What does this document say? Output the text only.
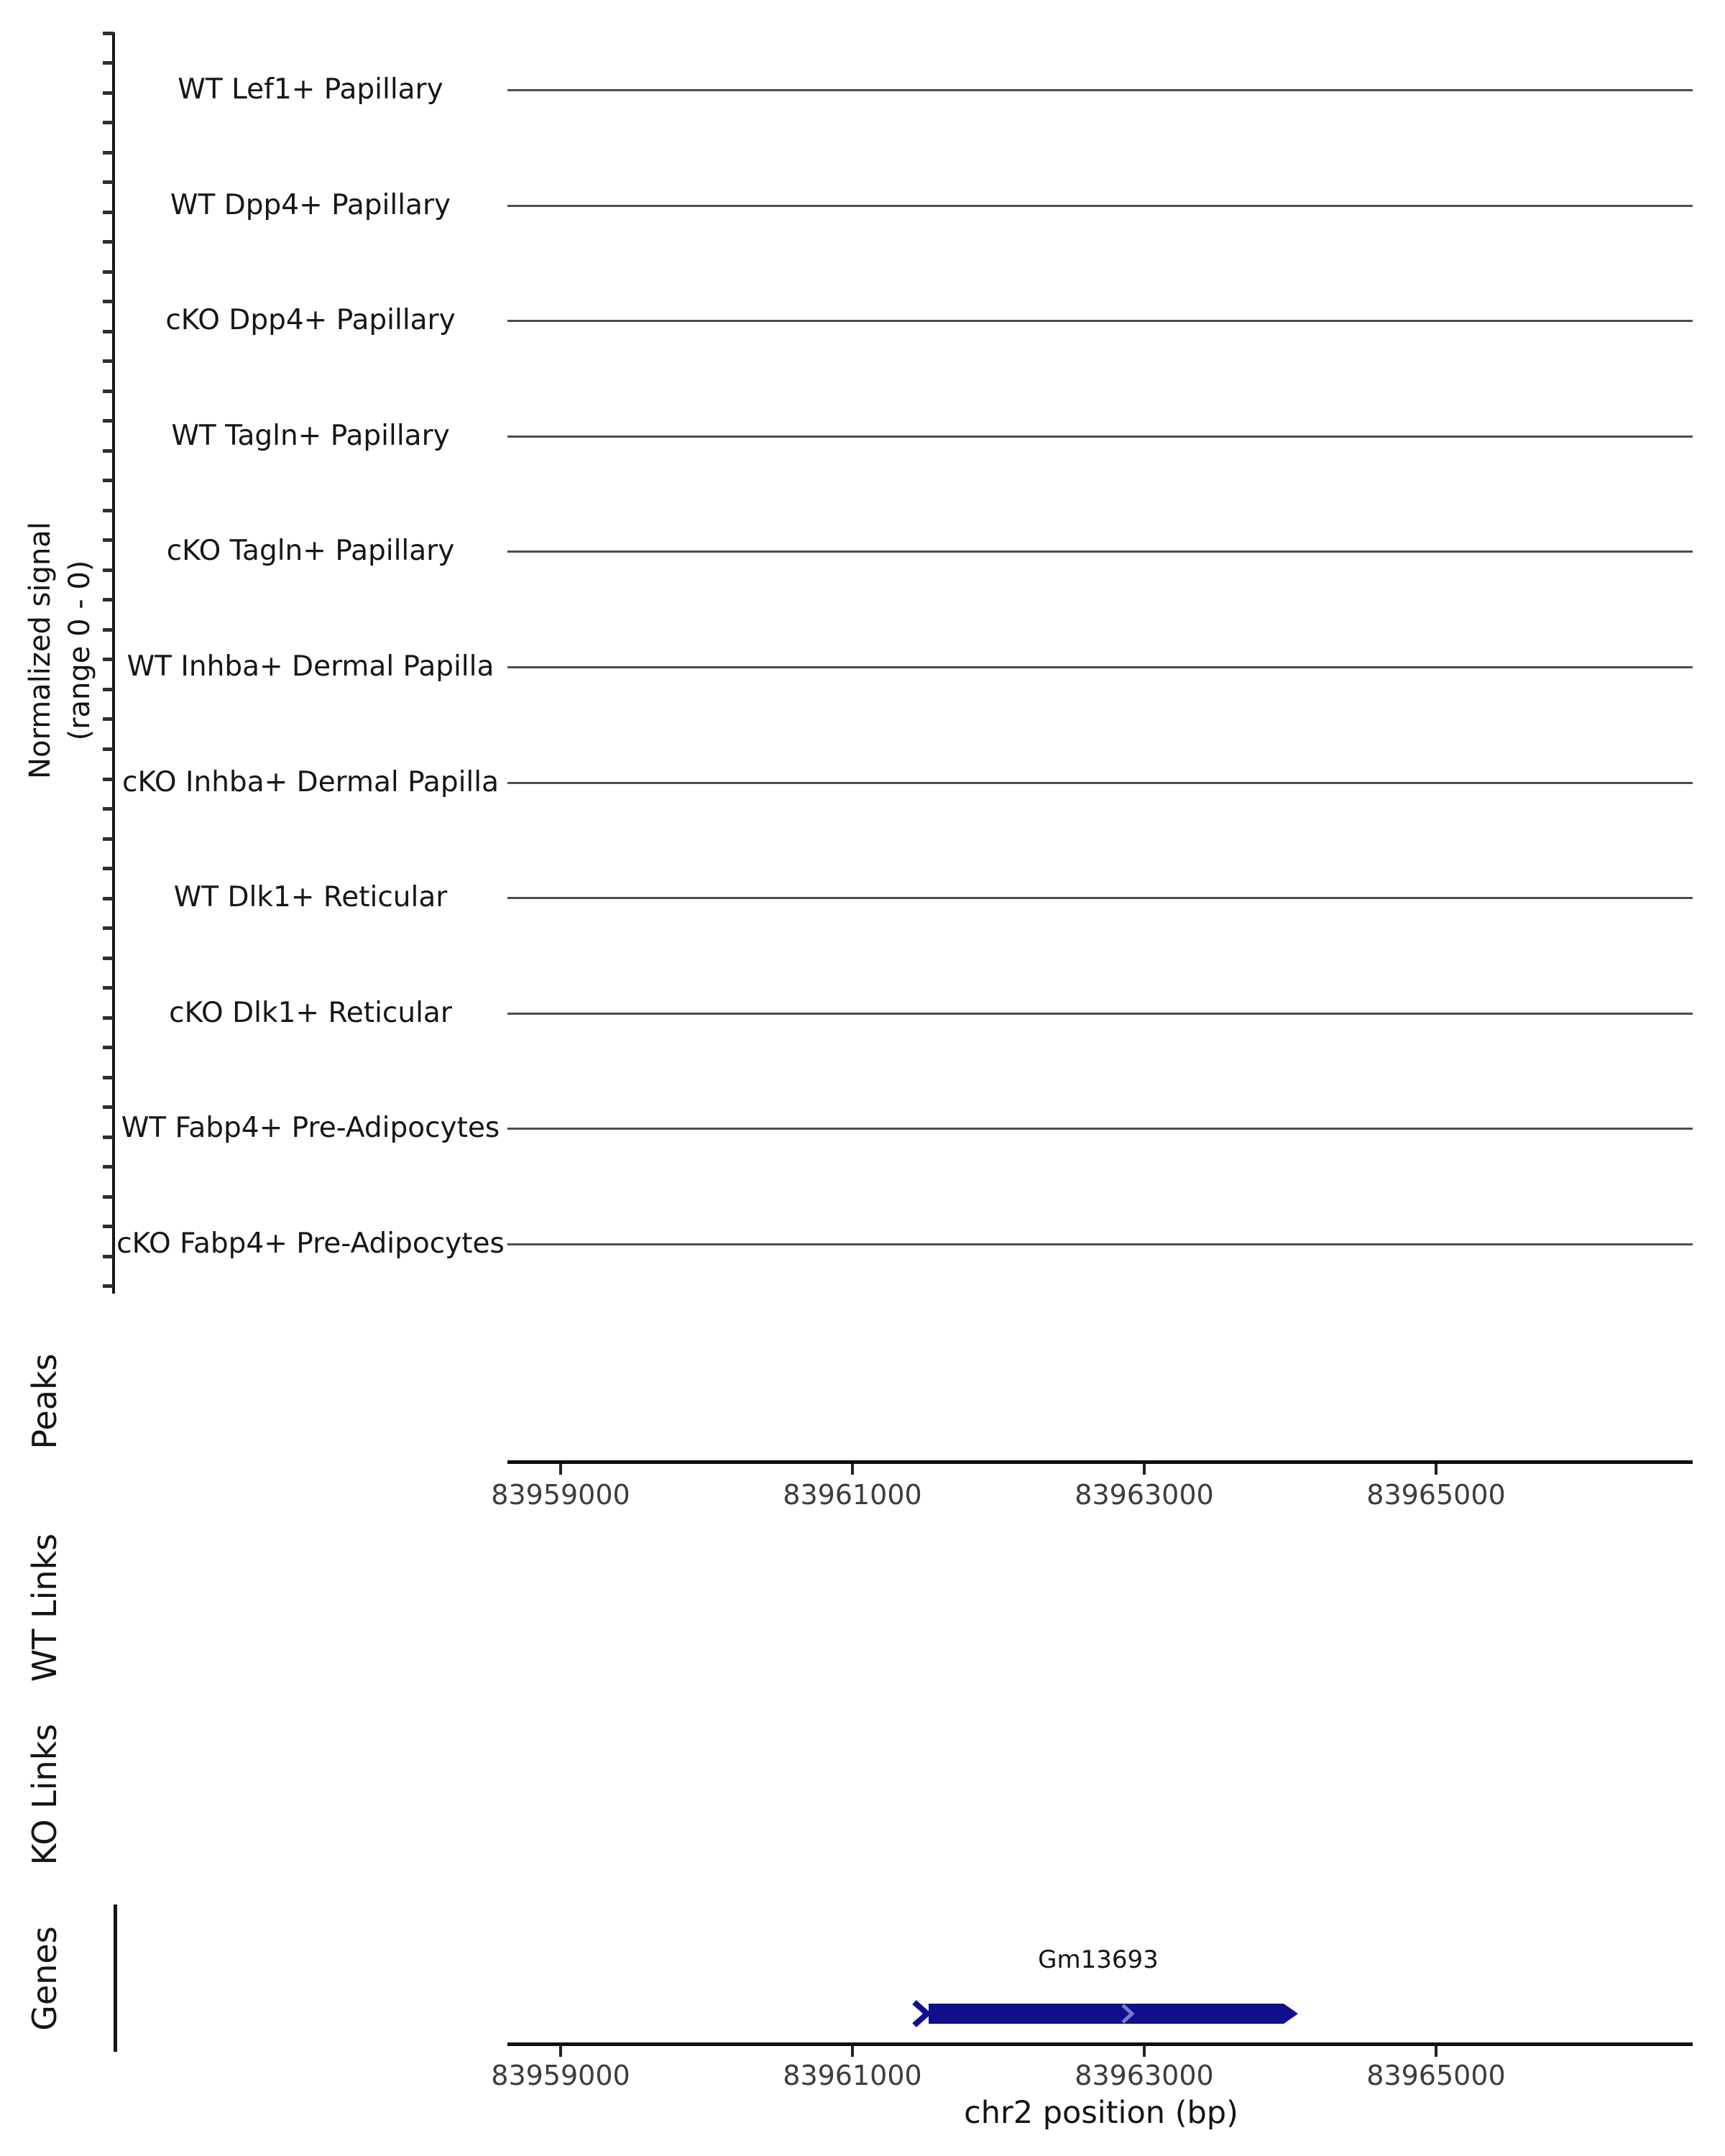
Normalized signal (range 0 - 0)
WT Lef1+ Papillary
WT Dpp4+ Papillary
cKO Dpp4+ Papillary
WT Tagln+ Papillary
cKO Tagln+ Papillary
WT Inhba+ Dermal Papilla
cKO Inhba+ Dermal Papilla
WT Dlk1+ Reticular
cKO Dlk1+ Reticular
WT Fabp4+ Pre-Adipocytes
cKO Fabp4+ Pre-Adipocytes
Peaks
WT Links
KO Links
Genes
83959000	83961000	83963000	83965000
Gm13693
83959000	83961000	83963000	83965000
chr2 position (bp)
